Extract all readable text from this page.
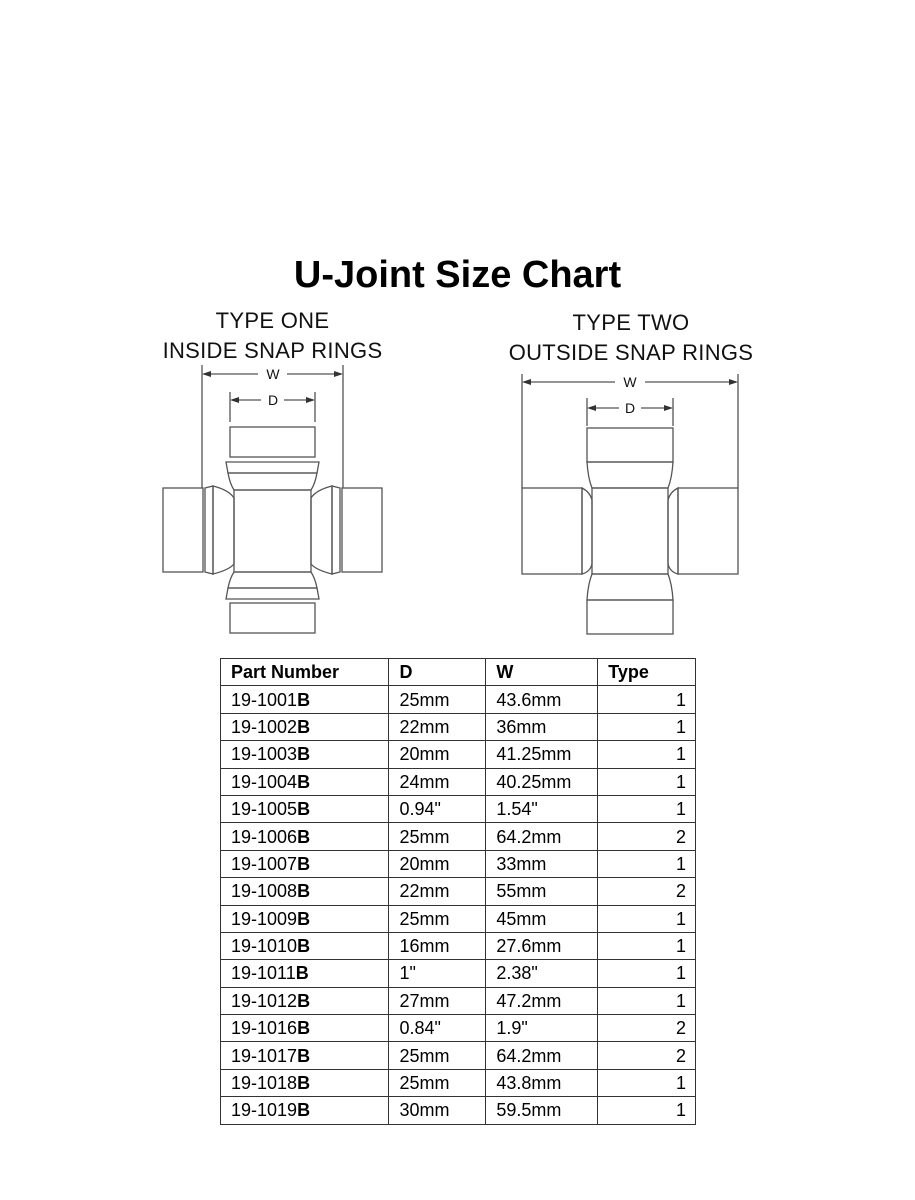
U-Joint Size Chart
TYPE ONE
INSIDE SNAP RINGS
TYPE TWO
OUTSIDE SNAP RINGS
W
D
W
D
Part Number	D	W	Type
19-1001B	25mm	43.6mm	1
19-1002B	22mm	36mm	1
19-1003B	20mm	41.25mm	1
19-1004B	24mm	40.25mm	1
19-1005B	0.94"	1.54"	1
19-1006B	25mm	64.2mm	2
19-1007B	20mm	33mm	1
19-1008B	22mm	55mm	2
19-1009B	25mm	45mm	1
19-1010B	16mm	27.6mm	1
19-1011B	1"	2.38"	1
19-1012B	27mm	47.2mm	1
19-1016B	0.84"	1.9"	2
19-1017B	25mm	64.2mm	2
19-1018B	25mm	43.8mm	1
19-1019B	30mm	59.5mm	1
